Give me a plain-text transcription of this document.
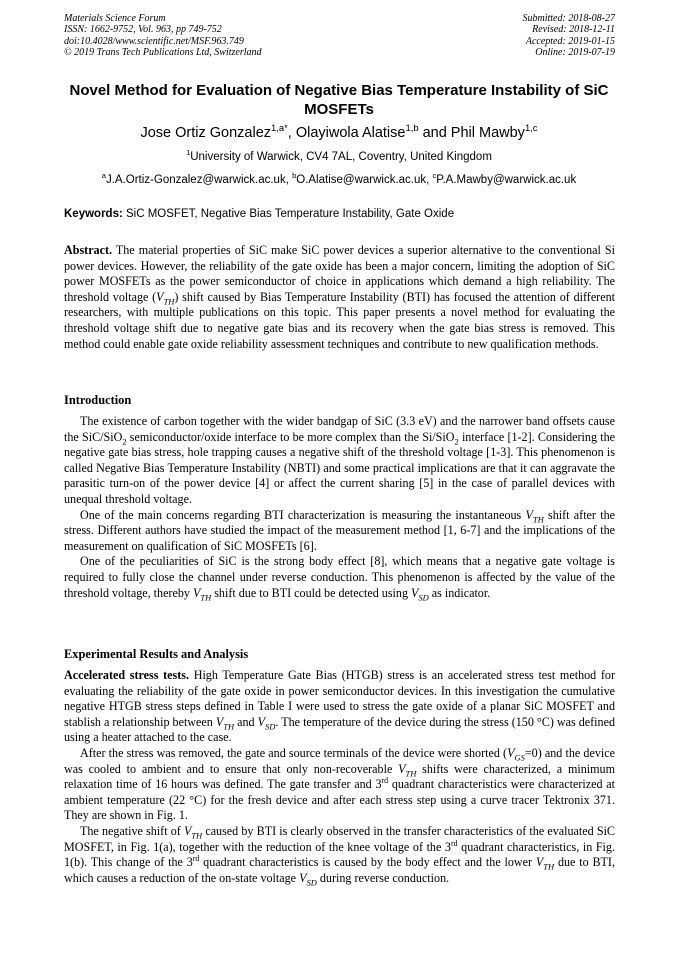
Materials Science Forum
ISSN: 1662-9752, Vol. 963, pp 749-752
doi:10.4028/www.scientific.net/MSF.963.749
© 2019 Trans Tech Publications Ltd, Switzerland
Submitted: 2018-08-27
Revised: 2018-12-11
Accepted: 2019-01-15
Online: 2019-07-19
Novel Method for Evaluation of Negative Bias Temperature Instability of SiC MOSFETs
Jose Ortiz Gonzalez$^{1,a*}$, Olayiwola Alatise$^{1,b}$ and Phil Mawby$^{1,c}$
$^1$University of Warwick, CV4 7AL, Coventry, United Kingdom
$^a$J.A.Ortiz-Gonzalez@warwick.ac.uk, $^b$O.Alatise@warwick.ac.uk, $^c$P.A.Mawby@warwick.ac.uk
Keywords: SiC MOSFET, Negative Bias Temperature Instability, Gate Oxide

Abstract. The material properties of SiC make SiC power devices a superior alternative to the conventional Si power devices. However, the reliability of the gate oxide has been a major concern, limiting the adoption of SiC power MOSFETs as the power semiconductor of choice in applications which demand a high reliability. The threshold voltage $(V_{TH})$ shift caused by Bias Temperature Instability (BTI) has focused the attention of different researchers, with multiple publications on this topic. This paper presents a novel method for evaluating the threshold voltage shift due to negative gate bias and its recovery when the gate bias stress is removed. This method could enable gate oxide reliability assessment techniques and contribute to new qualification methods.

Introduction

The existence of carbon together with the wider bandgap of SiC (3.3 eV) and the narrower band offsets cause the SiC/SiO$_2$ semiconductor/oxide interface to be more complex than the Si/SiO$_2$ interface [1-2]. Considering the negative gate bias stress, hole trapping causes a negative shift of the threshold voltage [1-3]. This phenomenon is called Negative Bias Temperature Instability (NBTI) and some practical implications are that it can aggravate the parasitic turn-on of the power device [4] or affect the current sharing [5] in the case of parallel devices with unequal threshold voltage.

One of the main concerns regarding BTI characterization is measuring the instantaneous $V_{TH}$ shift after the stress. Different authors have studied the impact of the measurement method [1, 6-7] and the implications of the measurement on qualification of SiC MOSFETs [6].

One of the peculiarities of SiC is the strong body effect [8], which means that a negative gate voltage is required to fully close the channel under reverse conduction. This phenomenon is affected by the value of the threshold voltage, thereby $V_{TH}$ shift due to BTI could be detected using $V_{SD}$ as indicator.

Experimental Results and Analysis

Accelerated stress tests. High Temperature Gate Bias (HTGB) stress is an accelerated stress test method for evaluating the reliability of the gate oxide in power semiconductor devices. In this investigation the cumulative negative HTGB stress steps defined in Table I were used to stress the gate oxide of a planar SiC MOSFET and stablish a relationship between $V_{TH}$ and $V_{SD}$. The temperature of the device during the stress (150 °C) was defined using a heater attached to the case.

After the stress was removed, the gate and source terminals of the device were shorted $(V_{GS}=0)$ and the device was cooled to ambient and to ensure that only non-recoverable $V_{TH}$ shifts were characterized, a minimum relaxation time of 16 hours was defined. The gate transfer and 3rd quadrant characteristics were characterized at ambient temperature (22 °C) for the fresh device and after each stress step using a curve tracer Tektronix 371. They are shown in Fig. 1.

The negative shift of $V_{TH}$ caused by BTI is clearly observed in the transfer characteristics of the evaluated SiC MOSFET, in Fig. 1(a), together with the reduction of the knee voltage of the 3rd quadrant characteristics, in Fig. 1(b). This change of the 3rd quadrant characteristics is caused by the body effect and the lower $V_{TH}$ due to BTI, which causes a reduction of the on-state voltage $V_{SD}$ during reverse conduction.
